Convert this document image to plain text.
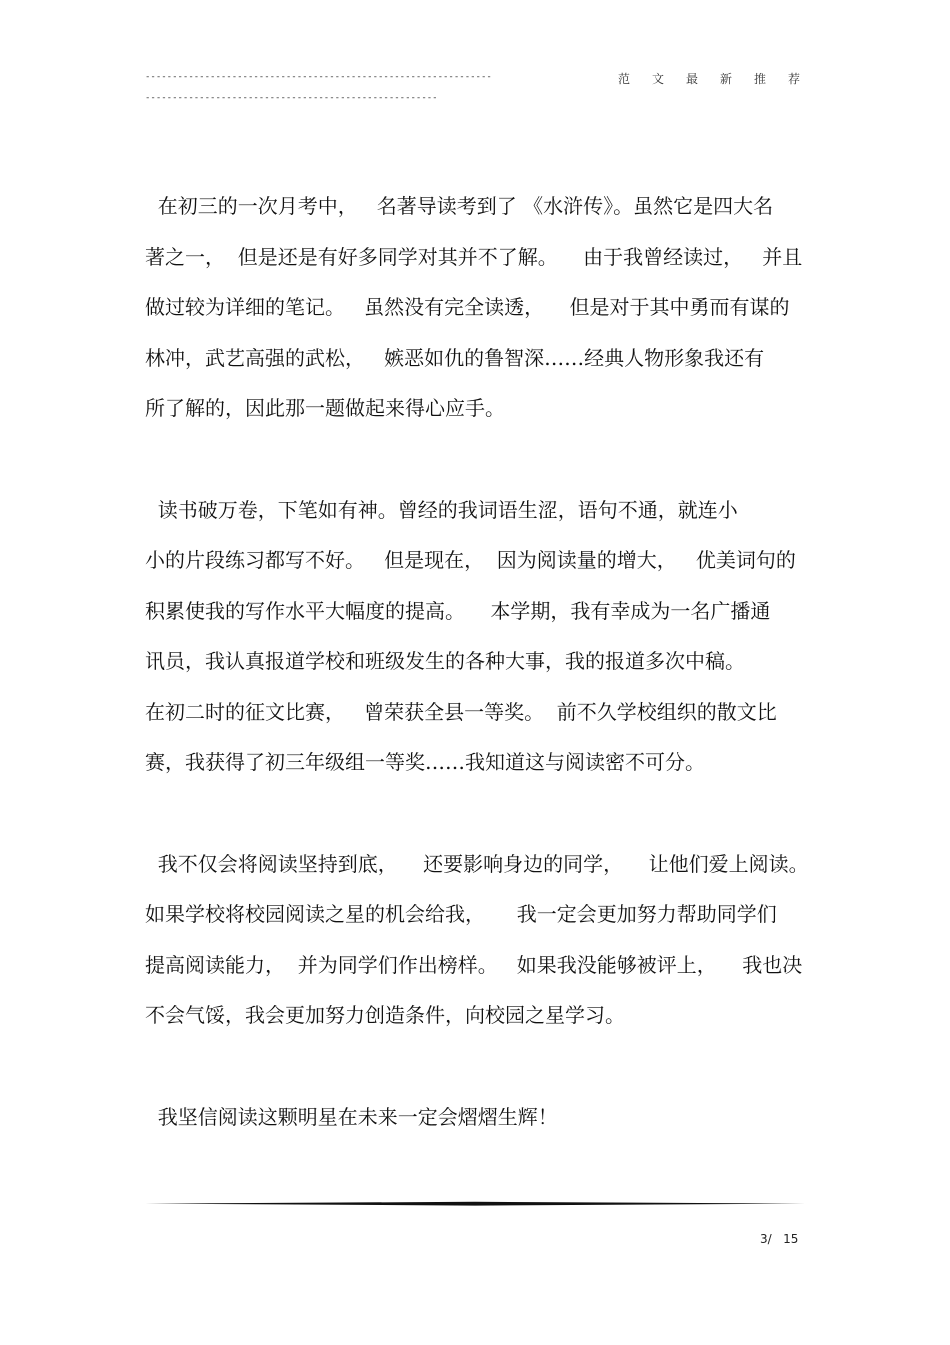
----------------------------------------------------------------
------------------------------------------------------
范文最新推荐
在初三的一次月考中，   名著导读考到了 《水浒传》。虽然它是四大名
著之一，  但是还是有好多同学对其并不了解。    由于我曾经读过，   并且
做过较为详细的笔记。   虽然没有完全读透，    但是对于其中勇而有谋的
林冲，武艺高强的武松，   嫉恶如仇的鲁智深……经典人物形象我还有
所了解的，因此那一题做起来得心应手。
读书破万卷，下笔如有神。曾经的我词语生涩，语句不通，就连小
小的片段练习都写不好。   但是现在，  因为阅读量的增大，   优美词句的
积累使我的写作水平大幅度的提高。    本学期，我有幸成为一名广播通
讯员，我认真报道学校和班级发生的各种大事，我的报道多次中稿。
在初二时的征文比赛，   曾荣获全县一等奖。  前不久学校组织的散文比
赛，我获得了初三年级组一等奖……我知道这与阅读密不可分。
我不仅会将阅读坚持到底，    还要影响身边的同学，    让他们爱上阅读。
如果学校将校园阅读之星的机会给我，     我一定会更加努力帮助同学们
提高阅读能力，  并为同学们作出榜样。   如果我没能够被评上，    我也决
不会气馁，我会更加努力创造条件，向校园之星学习。
我坚信阅读这颗明星在未来一定会熠熠生辉！
3/ 15
